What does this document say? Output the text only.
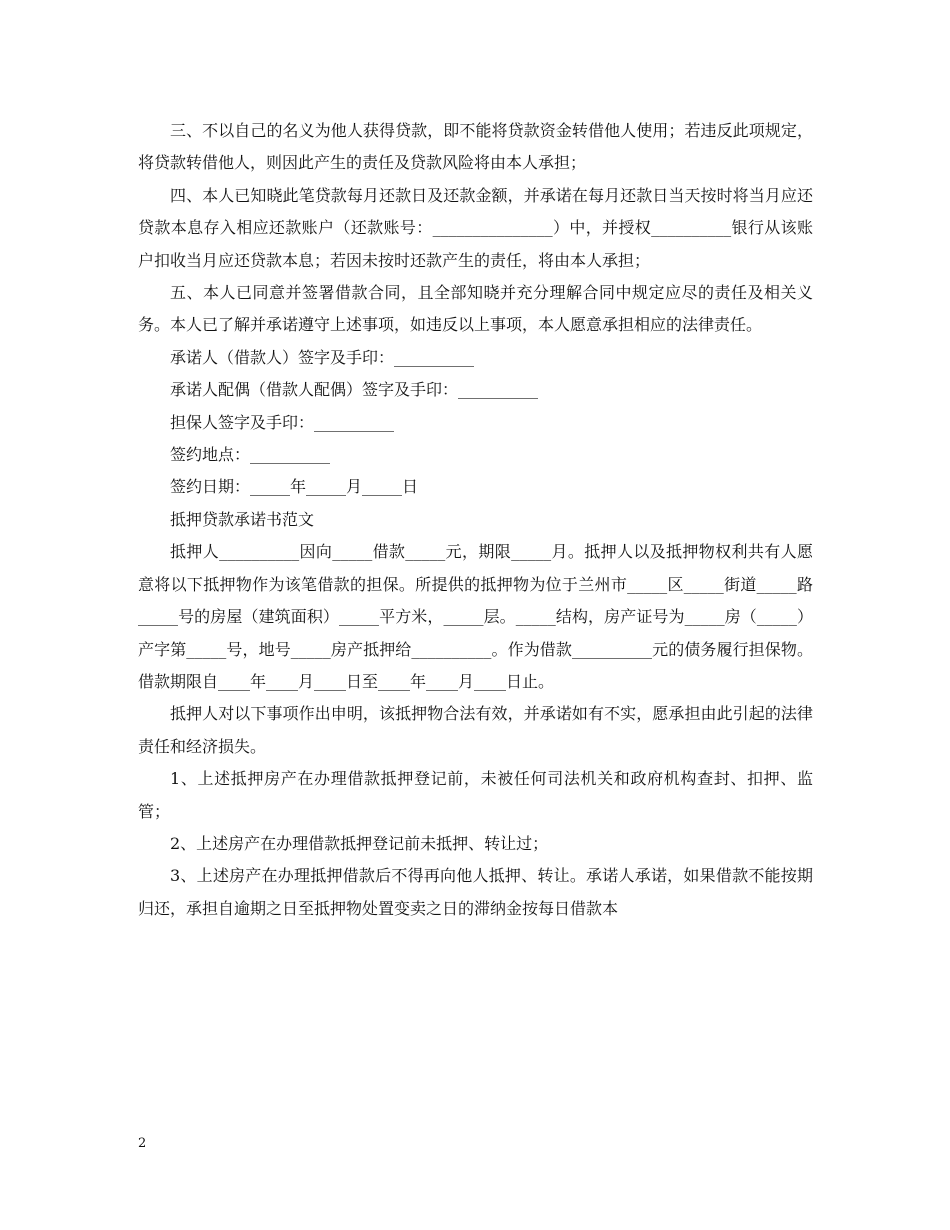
三、不以自己的名义为他人获得贷款，即不能将贷款资金转借他人使用；若违反此项规定，将贷款转借他人，则因此产生的责任及贷款风险将由本人承担；

四、本人已知晓此笔贷款每月还款日及还款金额，并承诺在每月还款日当天按时将当月应还贷款本息存入相应还款账户（还款账号：_______________）中，并授权__________银行从该账户扣收当月应还贷款本息；若因未按时还款产生的责任，将由本人承担；

五、本人已同意并签署借款合同，且全部知晓并充分理解合同中规定应尽的责任及相关义务。本人已了解并承诺遵守上述事项，如违反以上事项，本人愿意承担相应的法律责任。

承诺人（借款人）签字及手印：__________

承诺人配偶（借款人配偶）签字及手印：__________

担保人签字及手印：__________

签约地点：__________

签约日期：_____年_____月_____日

抵押贷款承诺书范文

抵押人__________因向_____借款_____元，期限_____月。抵押人以及抵押物权利共有人愿意将以下抵押物作为该笔借款的担保。所提供的抵押物为位于兰州市_____区_____街道_____路_____号的房屋（建筑面积）_____平方米，_____层。_____结构，房产证号为_____房（_____）产字第_____号，地号_____房产抵押给__________。作为借款__________元的债务履行担保物。借款期限自____年____月____日至____年____月____日止。

抵押人对以下事项作出申明，该抵押物合法有效，并承诺如有不实，愿承担由此引起的法律责任和经济损失。

1、上述抵押房产在办理借款抵押登记前，未被任何司法机关和政府机构查封、扣押、监管；

2、上述房产在办理借款抵押登记前未抵押、转让过；

3、上述房产在办理抵押借款后不得再向他人抵押、转让。承诺人承诺，如果借款不能按期归还，承担自逾期之日至抵押物处置变卖之日的滞纳金按每日借款本

2
